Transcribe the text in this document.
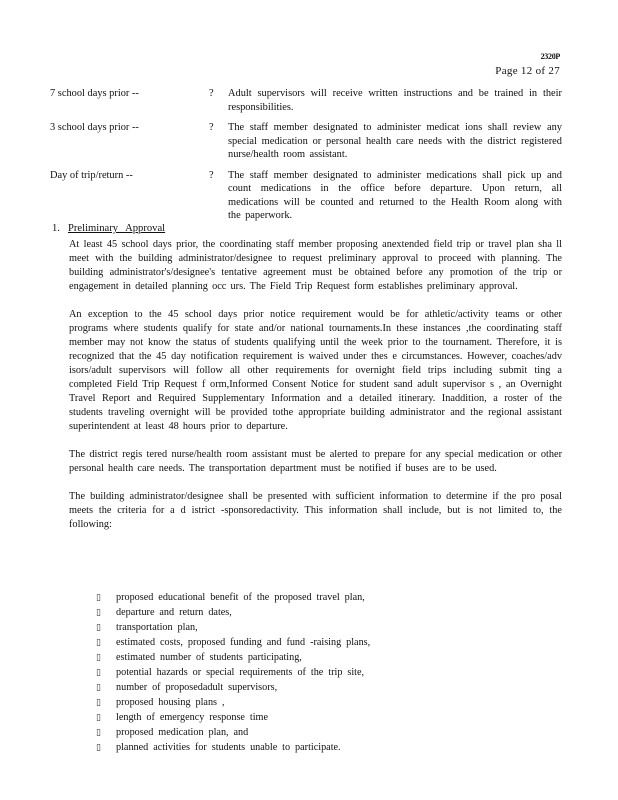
2320P
Page 12 of 27
7 school days prior --	?	Adult supervisors will receive written instructions and be trained in their responsibilities.
3 school days prior --	?	The staff member designated to administer medicat ions shall review any special medication or personal health care needs with the district registered nurse/health room assistant.
Day of trip/return --	?	The staff member designated to administer medications shall pick up and count medications in the office before departure. Upon return, all medications will be counted and returned to the Health Room along with the paperwork.
1. Preliminary Approval

At least 45 school days prior, the coordinating staff member proposing anextended field trip or travel plan sha ll meet with the building administrator/designee to request preliminary approval to proceed with planning. The building administrator's/designee's tentative agreement must be obtained before any promotion of the trip or engagement in detailed planning occ urs. The Field Trip Request form establishes preliminary approval.

An exception to the 45 school days prior notice requirement would be for athletic/activity teams or other programs where students qualify for state and/or national tournaments.In these instances ,the coordinating staff member may not know the status of students qualifying until the week prior to the tournament. Therefore, it is recognized that the 45 day notification requirement is waived under thes e circumstances. However, coaches/adv isors/adult supervisors will follow all other requirements for overnight field trips including submit ting a completed Field Trip Request f orm,Informed Consent Notice for student sand adult supervisor s , an Overnight Travel Report and Required Supplementary Information and a detailed itinerary. Inaddition, a roster of the students traveling overnight will be provided tothe appropriate building administrator and the regional assistant superintendent at least 48 hours prior to departure.

The district regis tered nurse/health room assistant must be alerted to prepare for any special medication or other personal health care needs. The transportation department must be notified if buses are to be used.

The building administrator/designee shall be presented with sufficient information to determine if the pro posal meets the criteria for a d istrict -sponsoredactivity. This information shall include, but is not limited to, the following:

▯ proposed educational benefit of the proposed travel plan,
▯ departure and return dates,
▯ transportation plan,
▯ estimated costs, proposed funding and fund -raising plans,
▯ estimated number of students participating,
▯ potential hazards or special requirements of the trip site,
▯ number of proposedadult supervisors,
▯ proposed housing plans ,
▯ length of emergency response time
▯ proposed medication plan, and
▯ planned activities for students unable to participate.
